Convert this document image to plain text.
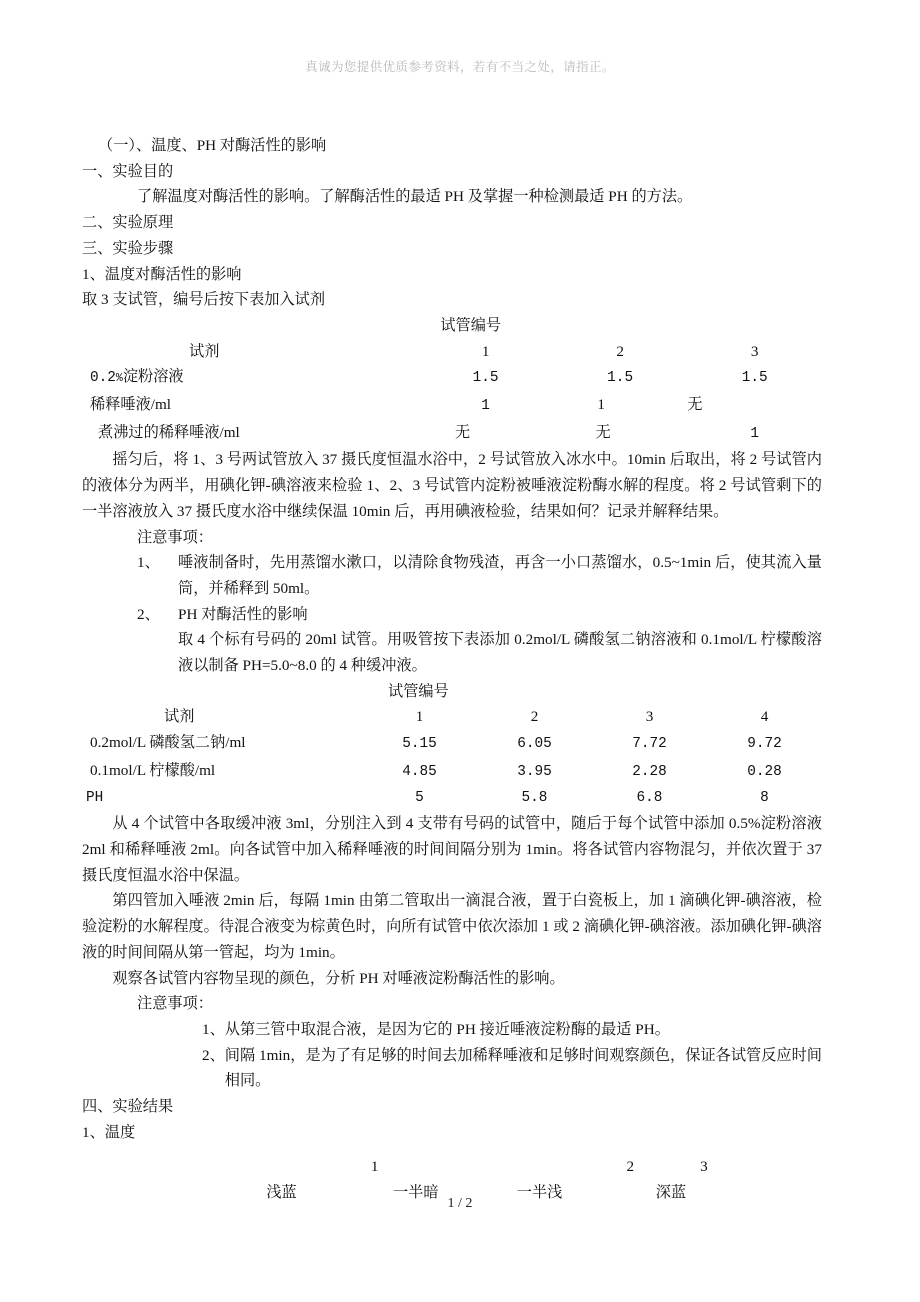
真诚为您提供优质参考资料，若有不当之处，请指正。
（一）、温度、PH 对酶活性的影响
一、实验目的
了解温度对酶活性的影响。了解酶活性的最适 PH 及掌握一种检测最适 PH 的方法。
二、实验原理
三、实验步骤
1、温度对酶活性的影响
取 3 支试管，编号后按下表加入试剂
	试管编号		
试剂	1	2	3
0.2%淀粉溶液	1.5	1.5	1.5
稀释唾液/ml	1	1	无
煮沸过的稀释唾液/ml	无	无	1
摇匀后，将 1、3 号两试管放入 37 摄氏度恒温水浴中，2 号试管放入冰水中。10min 后取出，将 2 号试管内的液体分为两半，用碘化钾-碘溶液来检验 1、2、3 号试管内淀粉被唾液淀粉酶水解的程度。将 2 号试管剩下的一半溶液放入 37 摄氏度水浴中继续保温 10min 后，再用碘液检验，结果如何？记录并解释结果。
注意事项：
1、	唾液制备时，先用蒸馏水漱口，以清除食物残渣，再含一小口蒸馏水，0.5~1min 后，使其流入量筒，并稀释到 50ml。
2、	PH 对酶活性的影响
取 4 个标有号码的 20ml 试管。用吸管按下表添加 0.2mol/L 磷酸氢二钠溶液和 0.1mol/L 柠檬酸溶液以制备 PH=5.0~8.0 的 4 种缓冲液。
	试管编号			
试剂	1	2	3	4
0.2mol/L 磷酸氢二钠/ml	5.15	6.05	7.72	9.72
0.1mol/L 柠檬酸/ml	4.85	3.95	2.28	0.28
PH	5	5.8	6.8	8
从 4 个试管中各取缓冲液 3ml，分别注入到 4 支带有号码的试管中，随后于每个试管中添加 0.5%淀粉溶液 2ml 和稀释唾液 2ml。向各试管中加入稀释唾液的时间间隔分别为 1min。将各试管内容物混匀，并依次置于 37 摄氏度恒温水浴中保温。
第四管加入唾液 2min 后，每隔 1min 由第二管取出一滴混合液，置于白瓷板上，加 1 滴碘化钾-碘溶液，检验淀粉的水解程度。待混合液变为棕黄色时，向所有试管中依次添加 1 或 2 滴碘化钾-碘溶液。添加碘化钾-碘溶液的时间间隔从第一管起，均为 1min。
观察各试管内容物呈现的颜色，分析 PH 对唾液淀粉酶活性的影响。
注意事项：
1、 从第三管中取混合液，是因为它的 PH 接近唾液淀粉酶的最适 PH。
2、 间隔 1min，是为了有足够的时间去加稀释唾液和足够时间观察颜色，保证各试管反应时间相同。
四、实验结果
1、温度
	1		2	3
浅蓝	一半暗	一半浅	深蓝	
1 / 2
